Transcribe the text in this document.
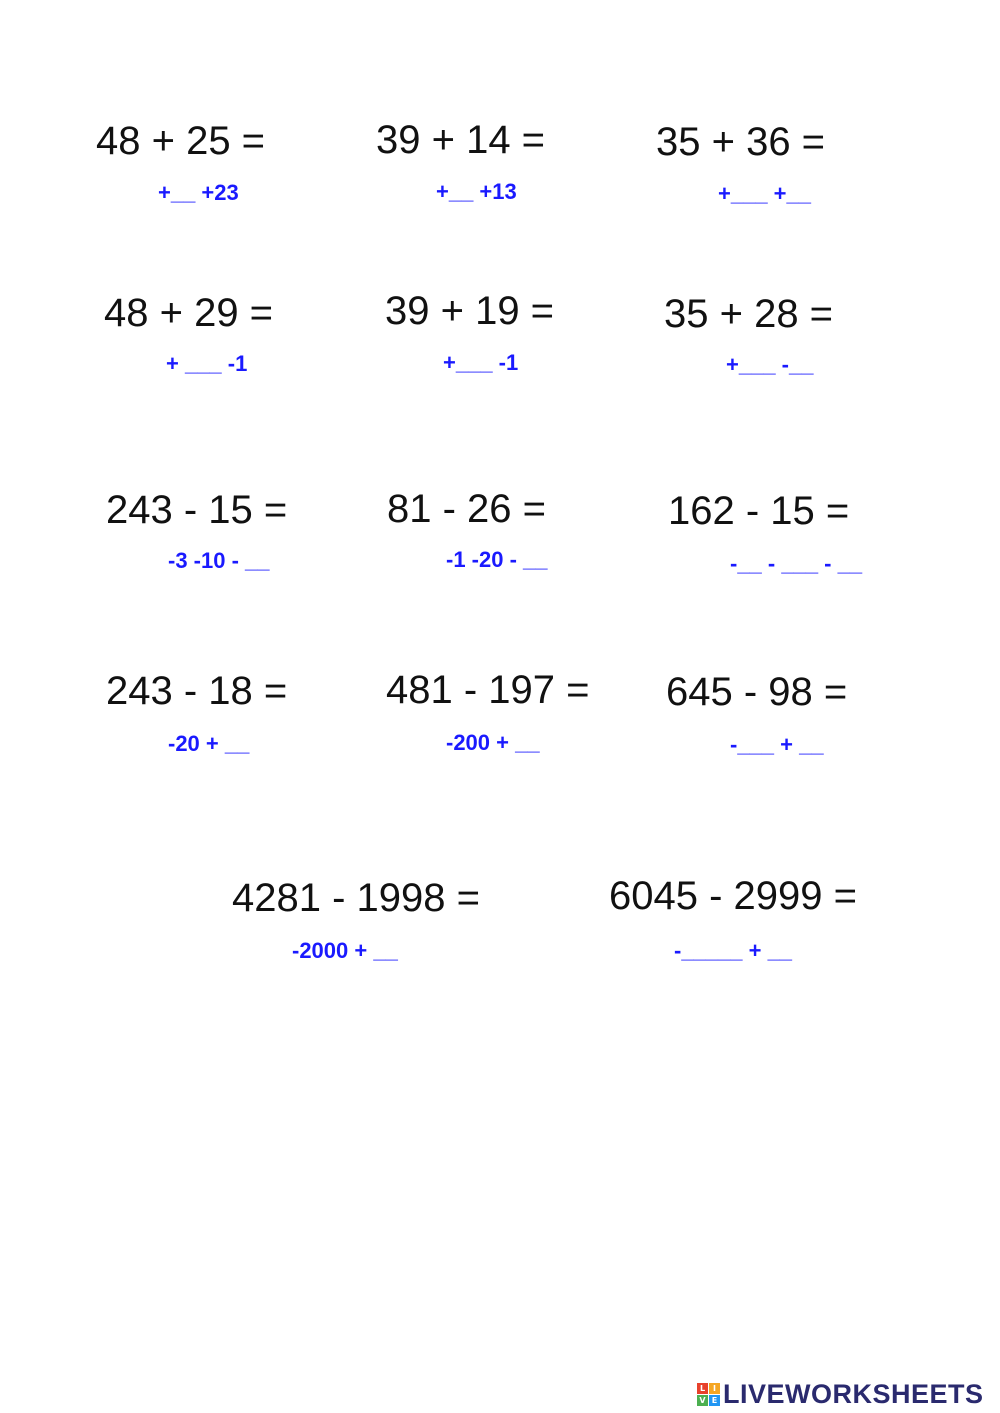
48 + 25 =
+__ +23
39 + 14 =
+__ +13
35 + 36 =
+___ +__
48 + 29 =
+ ___ -1
39 + 19 =
+___ -1
35 + 28 =
+___ -__
243 - 15 =
-3 -10 - __
81 - 26 =
-1 -20 - __
162 - 15 =
-__ - ___ - __
243 - 18 =
-20 + __
481 - 197 =
-200 + __
645 - 98 =
-___ + __
4281 - 1998 =
-2000 + __
6045 - 2999 =
-_____ + __
L I
V E LIVEWORKSHEETS
